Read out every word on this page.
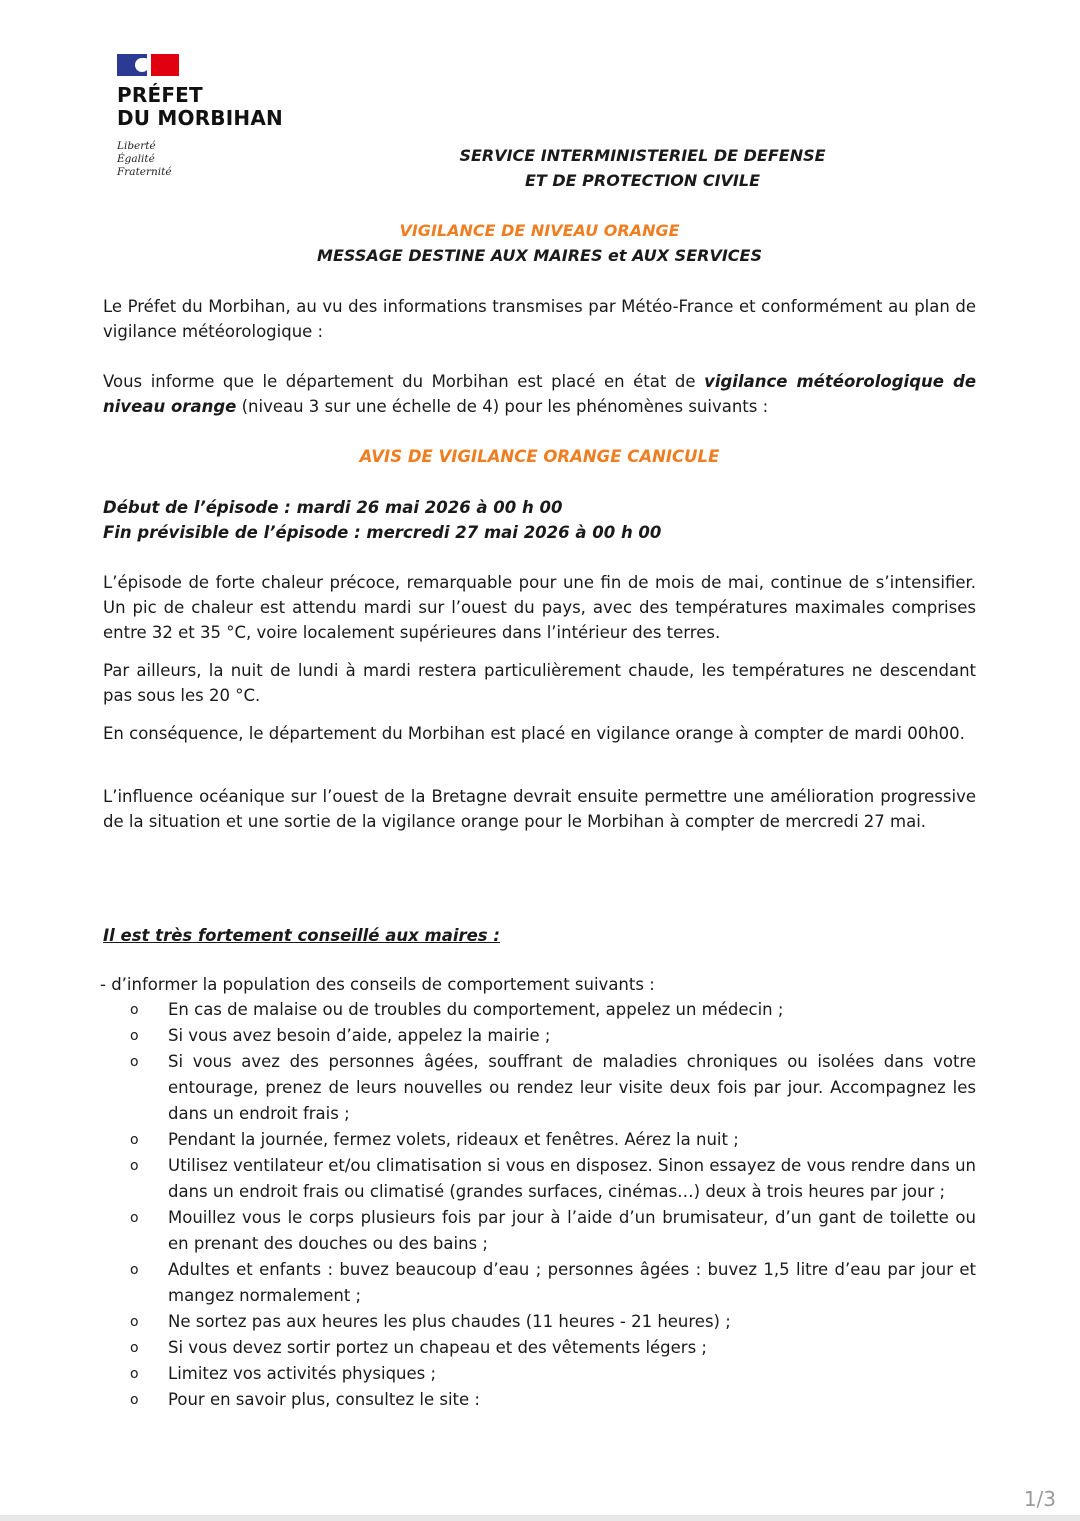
PRÉFET
DU MORBIHAN
Liberté
Égalité
Fraternité
SERVICE INTERMINISTERIEL DE DEFENSE
ET DE PROTECTION CIVILE
VIGILANCE DE NIVEAU ORANGE
MESSAGE DESTINE AUX MAIRES et AUX SERVICES
Le Préfet du Morbihan, au vu des informations transmises par Météo-France et conformément au plan de vigilance météorologique :
Vous informe que le département du Morbihan est placé en état de vigilance météorologique de niveau orange (niveau 3 sur une échelle de 4) pour les phénomènes suivants :
AVIS DE VIGILANCE ORANGE CANICULE
Début de l’épisode : mardi 26 mai 2026 à 00 h 00
Fin prévisible de l’épisode : mercredi 27 mai 2026 à 00 h 00
L’épisode de forte chaleur précoce, remarquable pour une fin de mois de mai, continue de s’intensifier. Un pic de chaleur est attendu mardi sur l’ouest du pays, avec des températures maximales comprises entre 32 et 35 °C, voire localement supérieures dans l’intérieur des terres.
Par ailleurs, la nuit de lundi à mardi restera particulièrement chaude, les températures ne descendant pas sous les 20 °C.
En conséquence, le département du Morbihan est placé en vigilance orange à compter de mardi 00h00.
L’influence océanique sur l’ouest de la Bretagne devrait ensuite permettre une amélioration progressive de la situation et une sortie de la vigilance orange pour le Morbihan à compter de mercredi 27 mai.
Il est très fortement conseillé aux maires :
- d’informer la population des conseils de comportement suivants :
o En cas de malaise ou de troubles du comportement, appelez un médecin ;
o Si vous avez besoin d’aide, appelez la mairie ;
o Si vous avez des personnes âgées, souffrant de maladies chroniques ou isolées dans votre entourage, prenez de leurs nouvelles ou rendez leur visite deux fois par jour. Accompagnez les dans un endroit frais ;
o Pendant la journée, fermez volets, rideaux et fenêtres. Aérez la nuit ;
o Utilisez ventilateur et/ou climatisation si vous en disposez. Sinon essayez de vous rendre dans un dans un endroit frais ou climatisé (grandes surfaces, cinémas…) deux à trois heures par jour ;
o Mouillez vous le corps plusieurs fois par jour à l’aide d’un brumisateur, d’un gant de toilette ou en prenant des douches ou des bains ;
o Adultes et enfants : buvez beaucoup d’eau ; personnes âgées : buvez 1,5 litre d’eau par jour et mangez normalement ;
o Ne sortez pas aux heures les plus chaudes (11 heures - 21 heures) ;
o Si vous devez sortir portez un chapeau et des vêtements légers ;
o Limitez vos activités physiques ;
o Pour en savoir plus, consultez le site :
1/3
